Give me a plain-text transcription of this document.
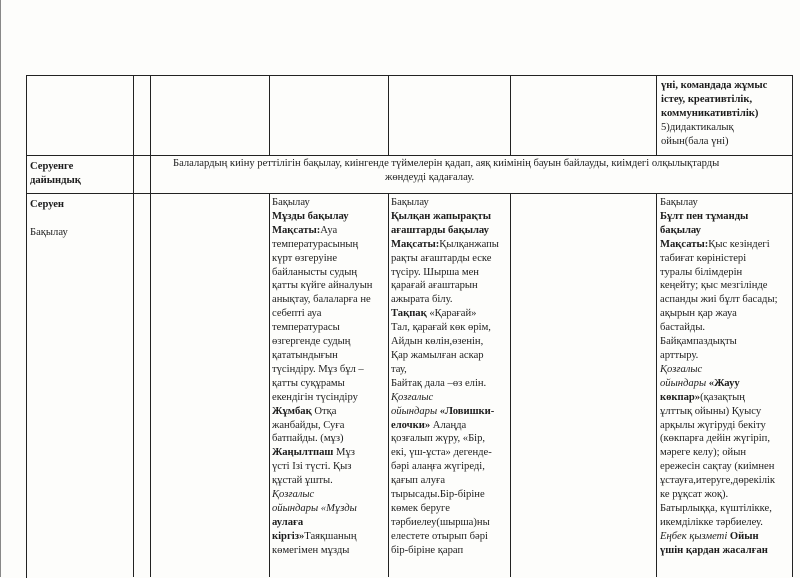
үні, командада жұмыс
істеу, креативтілік,
коммуникативтілік)
5)дидактикалық
ойын(бала үні)
Серуенге
дайындық
Балалардың киіну реттілігін бақылау, киінгенде түймелерін қадап, аяқ киімінің бауын байлауды, киімдегі олқылықтарды
жөндеуді қадағалау.
Серуен
Бақылау
Бақылау
Мұзды бақылау
Мақсаты:Ауа
температурасының
күрт өзгеруіне
байланысты судың
қатты күйге айналуын
анықтау, балаларға не
себепті ауа
температурасы
өзгергенде судың
қататындығын
түсіндіру. Мұз бұл –
қатты суқұрамы
екендігін түсіндіру
Жұмбақ Отқа
жанбайды, Суға
батпайды. (мұз)
Жаңылтпаш Мұз
үсті Ізі түсті. Қыз
құстай ұшты.
Қозғалыс
ойындары «Мұзды
аулаға
кіргіз»Таяқшаның
көмегімен мұзды
Бақылау
Қылқан жапырақты
ағаштарды бақылау
Мақсаты:Қылқанжапы
рақты ағаштарды еске
түсіру. Шырша мен
қарағай ағаштарын
ажырата білу.
Тақпақ «Қарағай»
Тал, қарағай көк өрім,
Айдын көлін,өзенін,
Қар жамылған аскар
тау,
Байтақ дала –өз елін.
Қозғалыс
ойындары «Ловишки-
елочки» Алаңда
қозғалып жүру, «Бір,
екі, үш-ұста» дегенде-
бәрі алаңға жүгіреді,
қағып алуға
тырысады.Бір-біріне
көмек беруге
тәрбиелеу(шырша)ны
елестете отырып бәрі
бір-біріне қарап
Бақылау
Бұлт пен тұманды
бақылау
Мақсаты:Қыс кезіндегі
табиғат көріністері
туралы білімдерін
кеңейту; қыс мезгілінде
аспанды жиі бұлт басады;
ақырын қар жауа
бастайды.
Байқампаздықты
арттыру.
Қозғалыс
ойындары «Жауу
көкпар»(қазақтың
ұлттық ойыны) Қуысу
арқылы жүгіруді бекіту
(көкпарға дейін жүгіріп,
мәреге келу); ойын
ережесін сақтау (киімнен
ұстауға,итеруге,дөрекілік
ке рұқсат жоқ).
Батырлыққа, күштілікке,
икемділікке тәрбиелеу.
Еңбек қызметі Ойын
үшін қардан жасалған
